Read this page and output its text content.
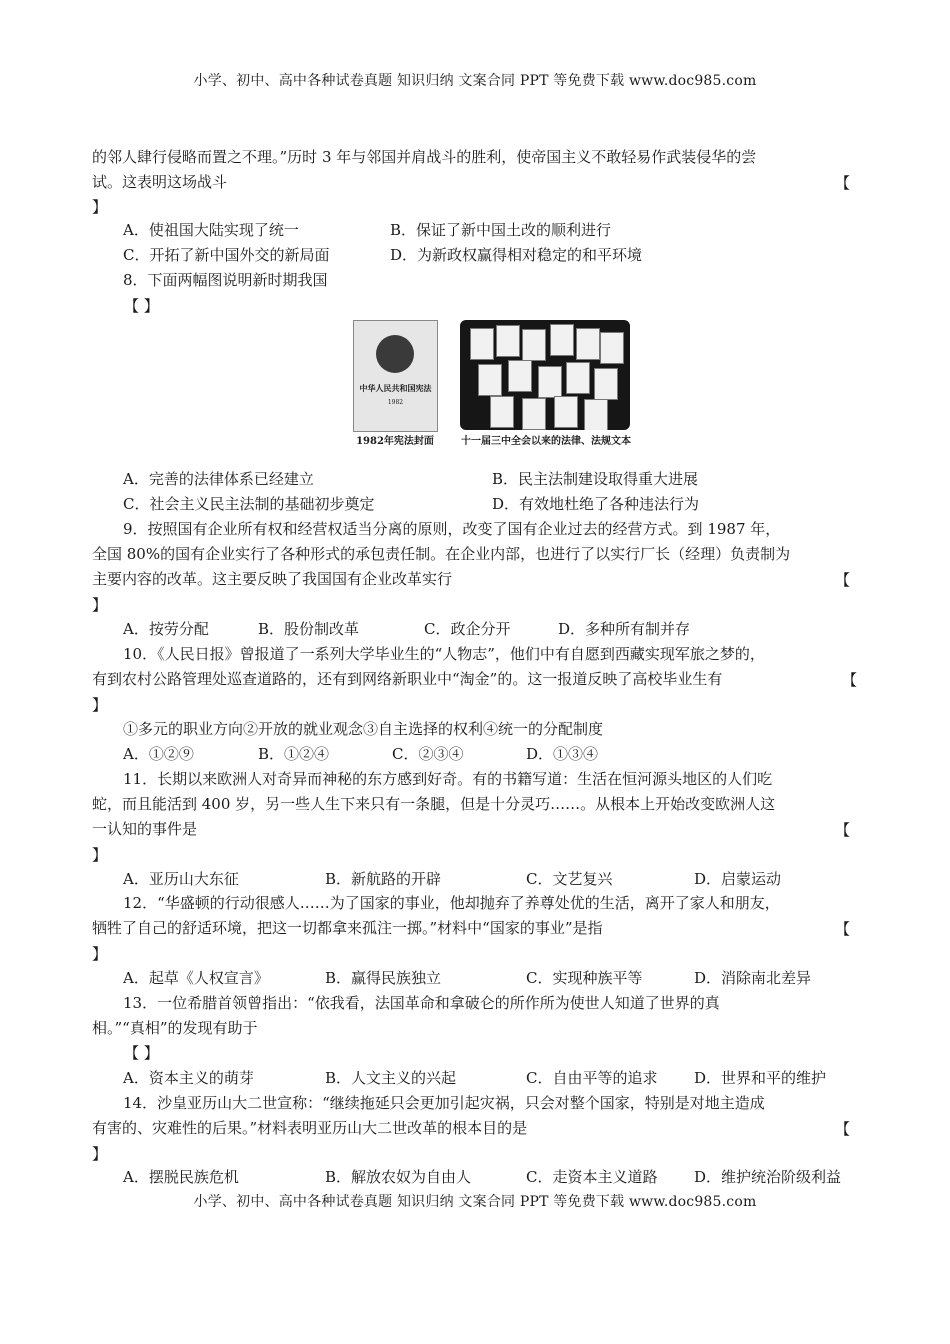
小学、初中、高中各种试卷真题 知识归纳 文案合同 PPT 等免费下载 www.doc985.com
的邻人肆行侵略而置之不理。”历时 3 年与邻国并肩战斗的胜利，使帝国主义不敢轻易作武装侵华的尝
试。这表明这场战斗	【
】
A．使祖国大陆实现了统一	B．保证了新中国土改的顺利进行
C．开拓了新中国外交的新局面	D．为新政权赢得相对稳定的和平环境
8．下面两幅图说明新时期我国
【 】
中华人民共和国宪法
1982
1982年宪法封面	十一届三中全会以来的法律、法规文本
A．完善的法律体系已经建立	B．民主法制建设取得重大进展
C．社会主义民主法制的基础初步奠定	D．有效地杜绝了各种违法行为
9．按照国有企业所有权和经营权适当分离的原则，改变了国有企业过去的经营方式。到 1987 年，
全国 80%的国有企业实行了各种形式的承包责任制。在企业内部，也进行了以实行厂长（经理）负责制为
主要内容的改革。这主要反映了我国国有企业改革实行	【
】
A．按劳分配	B．股份制改革	C．政企分开	D．多种所有制并存
10．《人民日报》曾报道了一系列大学毕业生的“人物志”，他们中有自愿到西藏实现军旅之梦的，
有到农村公路管理处巡查道路的，还有到网络新职业中“淘金”的。这一报道反映了高校毕业生有	【
】
①多元的职业方向②开放的就业观念③自主选择的权利④统一的分配制度
A．①②⑨	B．①②④	C．②③④	D．①③④
11．长期以来欧洲人对奇异而神秘的东方感到好奇。有的书籍写道：生活在恒河源头地区的人们吃
蛇，而且能活到 400 岁，另一些人生下来只有一条腿，但是十分灵巧……。从根本上开始改变欧洲人这
一认知的事件是	【
】
A．亚历山大东征	B．新航路的开辟	C．文艺复兴	D．启蒙运动
12．“华盛顿的行动很感人……为了国家的事业，他却抛弃了养尊处优的生活，离开了家人和朋友，
牺牲了自己的舒适环境，把这一切都拿来孤注一掷。”材料中“国家的事业”是指	【
】
A．起草《人权宣言》	B．赢得民族独立	C．实现种族平等	D．消除南北差异
13．一位希腊首领曾指出：“依我看，法国革命和拿破仑的所作所为使世人知道了世界的真
相。”“真相”的发现有助于
【 】
A．资本主义的萌芽	B．人文主义的兴起	C．自由平等的追求 D．世界和平的维护
14．沙皇亚历山大二世宣称：“继续拖延只会更加引起灾祸，只会对整个国家，特别是对地主造成
有害的、灾难性的后果。”材料表明亚历山大二世改革的根本目的是	【
】
A．摆脱民族危机	B．解放农奴为自由人	C．走资本主义道路 D．维护统治阶级利益
小学、初中、高中各种试卷真题 知识归纳 文案合同 PPT 等免费下载 www.doc985.com
